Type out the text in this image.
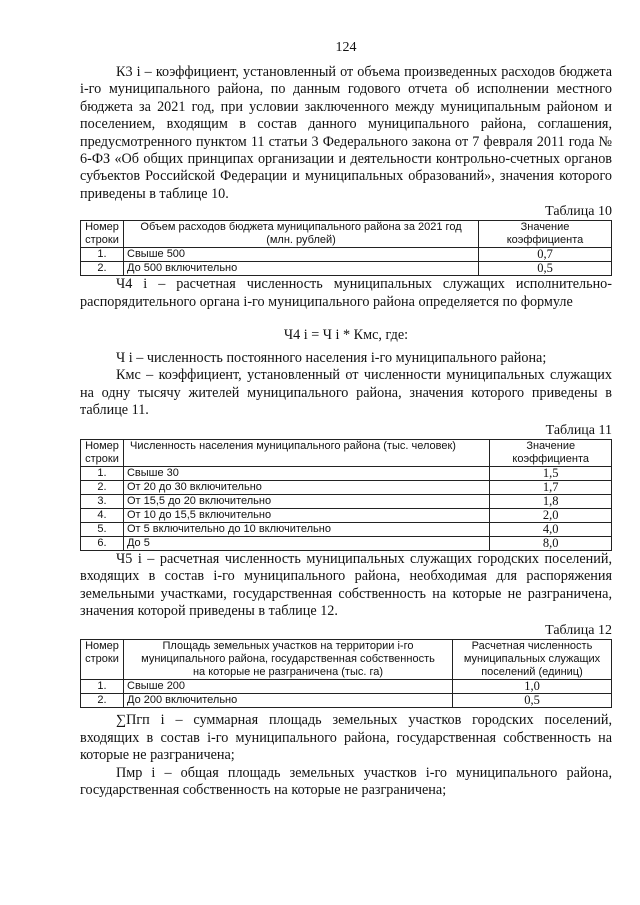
124

К3 i – коэффициент, установленный от объема произведенных расходов бюджета i-го муниципального района, по данным годового отчета об исполнении местного бюджета за 2021 год, при условии заключенного между муниципальным районом и поселением, входящим в состав данного муниципального района, соглашения, предусмотренного пунктом 11 статьи 3 Федерального закона от 7 февраля 2011 года № 6-ФЗ «Об общих принципах организации и деятельности контрольно-счетных органов субъектов Российской Федерации и муниципальных образований», значения которого приведены в таблице 10.

Таблица 10
Номер строки	Объем расходов бюджета муниципального района за 2021 год (млн. рублей)	Значение коэффициента
1.	Свыше 500	0,7
2.	До 500 включительно	0,5

Ч4 i – расчетная численность муниципальных служащих исполнительно-распорядительного органа i-го муниципального района определяется по формуле

Ч4 i = Ч i * Кмс, где:

Ч i – численность постоянного населения i-го муниципального района;

Кмс – коэффициент, установленный от численности муниципальных служащих на одну тысячу жителей муниципального района, значения которого приведены в таблице 11.

Таблица 11
Номер строки	Численность населения муниципального района (тыс. человек)	Значение коэффициента
1.	Свыше 30	1,5
2.	От 20 до 30 включительно	1,7
3.	От 15,5 до 20 включительно	1,8
4.	От 10 до 15,5 включительно	2,0
5.	От 5 включительно до 10 включительно	4,0
6.	До 5	8,0

Ч5 i – расчетная численность муниципальных служащих городских поселений, входящих в состав i-го муниципального района, необходимая для распоряжения земельными участками, государственная собственность на которые не разграничена, значения которой приведены в таблице 12.

Таблица 12
Номер строки	Площадь земельных участков на территории i-го муниципального района, государственная собственность на которые не разграничена (тыс. га)	Расчетная численность муниципальных служащих поселений (единиц)
1.	Свыше 200	1,0
2.	До 200 включительно	0,5

∑Пгп i – суммарная площадь земельных участков городских поселений, входящих в состав i-го муниципального района, государственная собственность на которые не разграничена;

Пмр i – общая площадь земельных участков i-го муниципального района, государственная собственность на которые не разграничена;
